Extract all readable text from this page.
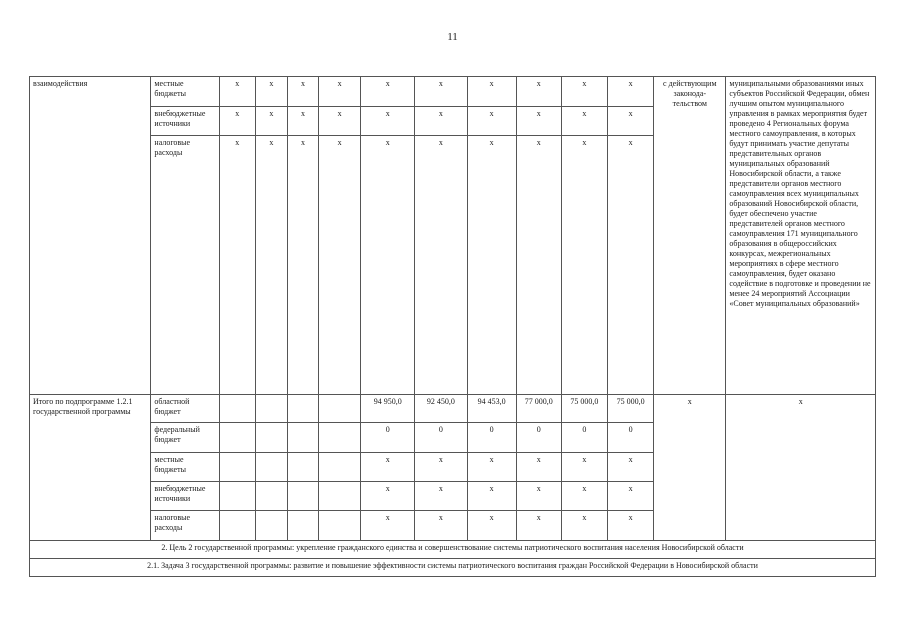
11
взаимодействия	местные бюджеты	х	х	х	х	х	х	х	х	х	х	с действующим законода- тельством	муниципальными образованиями иных субъектов Российской Федерации, обмен лучшим опытом муниципального управления в рамках мероприятия будет проведено 4 Региональных форума местного самоуправления, в которых будут принимать участие депутаты представительных органов муниципальных образований Новосибирской области, а также представители органов местного самоуправления всех муниципальных образований Новосибирской области, будет обеспечено участие представителей органов местного самоуправления 171 муниципального образования в общероссийских конкурсах, межрегиональных мероприятиях в сфере местного самоуправления, будет оказано содействие в подготовке и проведении не менее 24 мероприятий Ассоциации «Совет муниципальных образований»
	внебюджетные источники	х	х	х	х	х	х	х	х	х	х		
	налоговые расходы	х	х	х	х	х	х	х	х	х	х		
Итого по подпрограмме 1.2.1 государственной программы	областной бюджет					94 950,0	92 450,0	94 453,0	77 000,0	75 000,0	75 000,0	х	х
	федеральный бюджет					0	0	0	0	0	0		
	местные бюджеты					х	х	х	х	х	х		
	внебюджетные источники					х	х	х	х	х	х		
	налоговые расходы					х	х	х	х	х	х		
2. Цель 2 государственной программы: укрепление гражданского единства и совершенствование системы патриотического воспитания населения Новосибирской области													
2.1. Задача 3 государственной программы: развитие и повышение эффективности системы патриотического воспитания граждан Российской Федерации в Новосибирской области													
